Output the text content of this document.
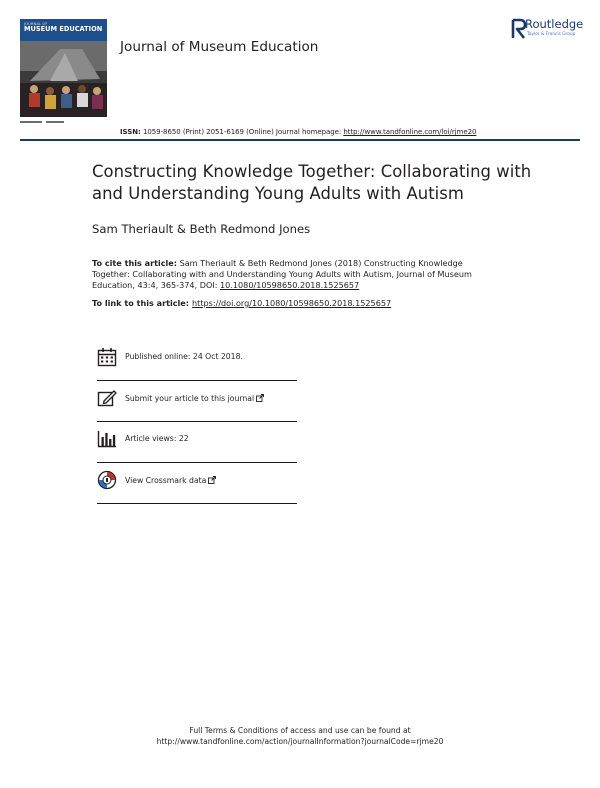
JOURNAL OF
MUSEUM EDUCATION
Journal of Museum Education
Routledge
Taylor & Francis Group
ISSN: 1059-8650 (Print) 2051-6169 (Online) Journal homepage: http://www.tandfonline.com/loi/rjme20
Constructing Knowledge Together: Collaborating with and Understanding Young Adults with Autism
Sam Theriault & Beth Redmond Jones
To cite this article: Sam Theriault & Beth Redmond Jones (2018) Constructing Knowledge Together: Collaborating with and Understanding Young Adults with Autism, Journal of Museum Education, 43:4, 365-374, DOI: 10.1080/10598650.2018.1525657
To link to this article: https://doi.org/10.1080/10598650.2018.1525657
Published online: 24 Oct 2018.
Submit your article to this journal
Article views: 22
View Crossmark data
Full Terms & Conditions of access and use can be found at
http://www.tandfonline.com/action/journalInformation?journalCode=rjme20
